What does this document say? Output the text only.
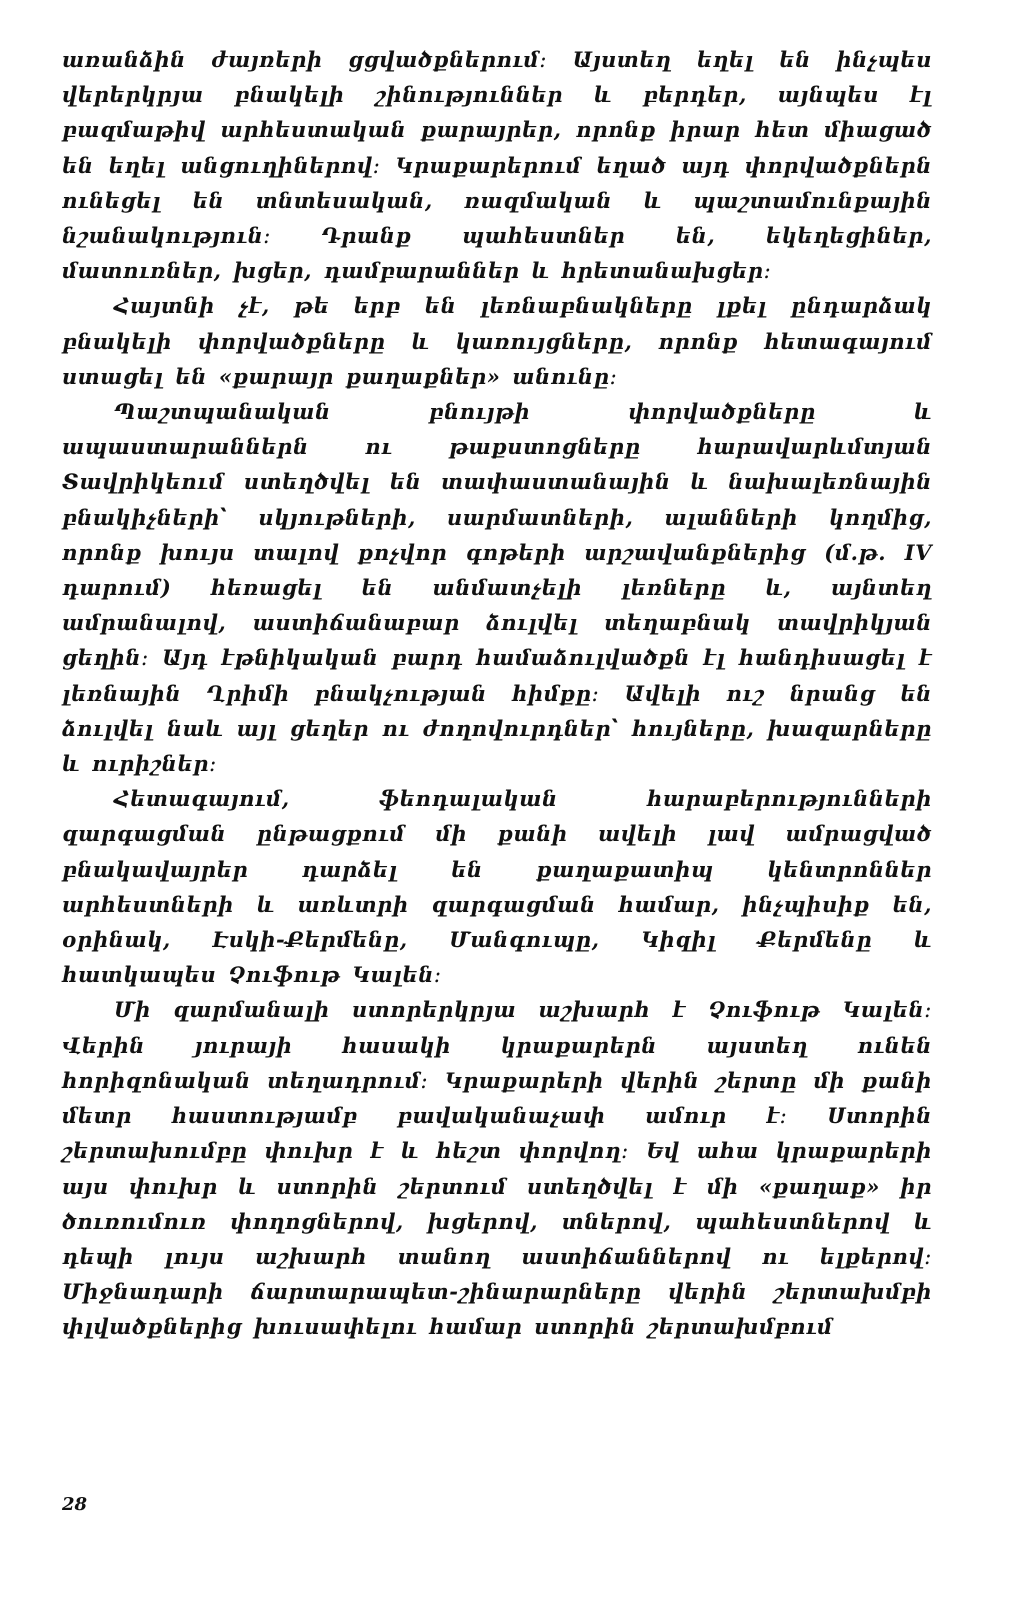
առանձին ժայռերի ցցվածքներում։ Այստեղ եղել են ինչպես վերերկրյա բնակելի շինություններ և բերդեր, այնպես էլ բազմաթիվ արհեստական քարայրեր, որոնք իրար հետ միացած են եղել անցուղիներով։ Կրաքարերում եղած այդ փորվածքներն ունեցել են տնտեսական, ռազմական և պաշտամունքային նշանակություն։ Դրանք պահեստներ են, եկեղեցիներ, մատուռներ, խցեր, դամբարաններ և հրետանախցեր։

Հայտնի չէ, թե երբ են լեռնաբնակները լքել ընդարձակ բնակելի փորվածքները և կառույցները, որոնք հետագայում ստացել են «քարայր քաղաքներ» անունը։

Պաշտպանական բնույթի փորվածքները և ապաստարաններն ու թաքստոցները հարավարևմտյան Տավրիկեում ստեղծվել են տափաստանային և նախալեռնային բնակիչների՝ սկյութների, սարմատների, ալանների կողմից, որոնք խույս տալով քոչվոր գոթերի արշավանքներից (մ.թ. IV դարում) հեռացել են անմատչելի լեռները և, այնտեղ ամրանալով, աստիճանաբար ձուլվել տեղաբնակ տավրիկյան ցեղին։ Այդ էթնիկական բարդ համաձուլվածքն էլ հանդիսացել է լեռնային Ղրիմի բնակչության հիմքը։ Ավելի ուշ նրանց են ձուլվել նաև այլ ցեղեր ու ժողովուրդներ՝ հույները, խազարները և ուրիշներ։

Հետագայում, ֆեոդալական հարաբերությունների զարգացման ընթացքում մի քանի ավելի լավ ամրացված բնակավայրեր դարձել են քաղաքատիպ կենտրոններ արհեստների և առևտրի զարգացման համար, ինչպիսիք են, օրինակ, Էսկի-Քերմենը, Մանգուպը, Կիզիլ Քերմենը և հատկապես Չուֆութ Կալեն։

Մի զարմանալի ստորերկրյա աշխարհ է Չուֆութ Կալեն։ Վերին յուրայի հասակի կրաքարերն այստեղ ունեն հորիզոնական տեղադրում։ Կրաքարերի վերին շերտը մի քանի մետր հաստությամբ բավականաչափ ամուր է։ Ստորին շերտախումբը փուխր է և հեշտ փորվող։ Եվ ահա կրաքարերի այս փուխր և ստորին շերտում ստեղծվել է մի «քաղաք» իր ծուռումուռ փողոցներով, խցերով, տներով, պահեստներով և դեպի լույս աշխարհ տանող աստիճաններով ու ելքերով։ Միջնադարի ճարտարապետ-շինարարները վերին շերտախմբի փլվածքներից խուսափելու համար ստորին շերտախմբում

28
